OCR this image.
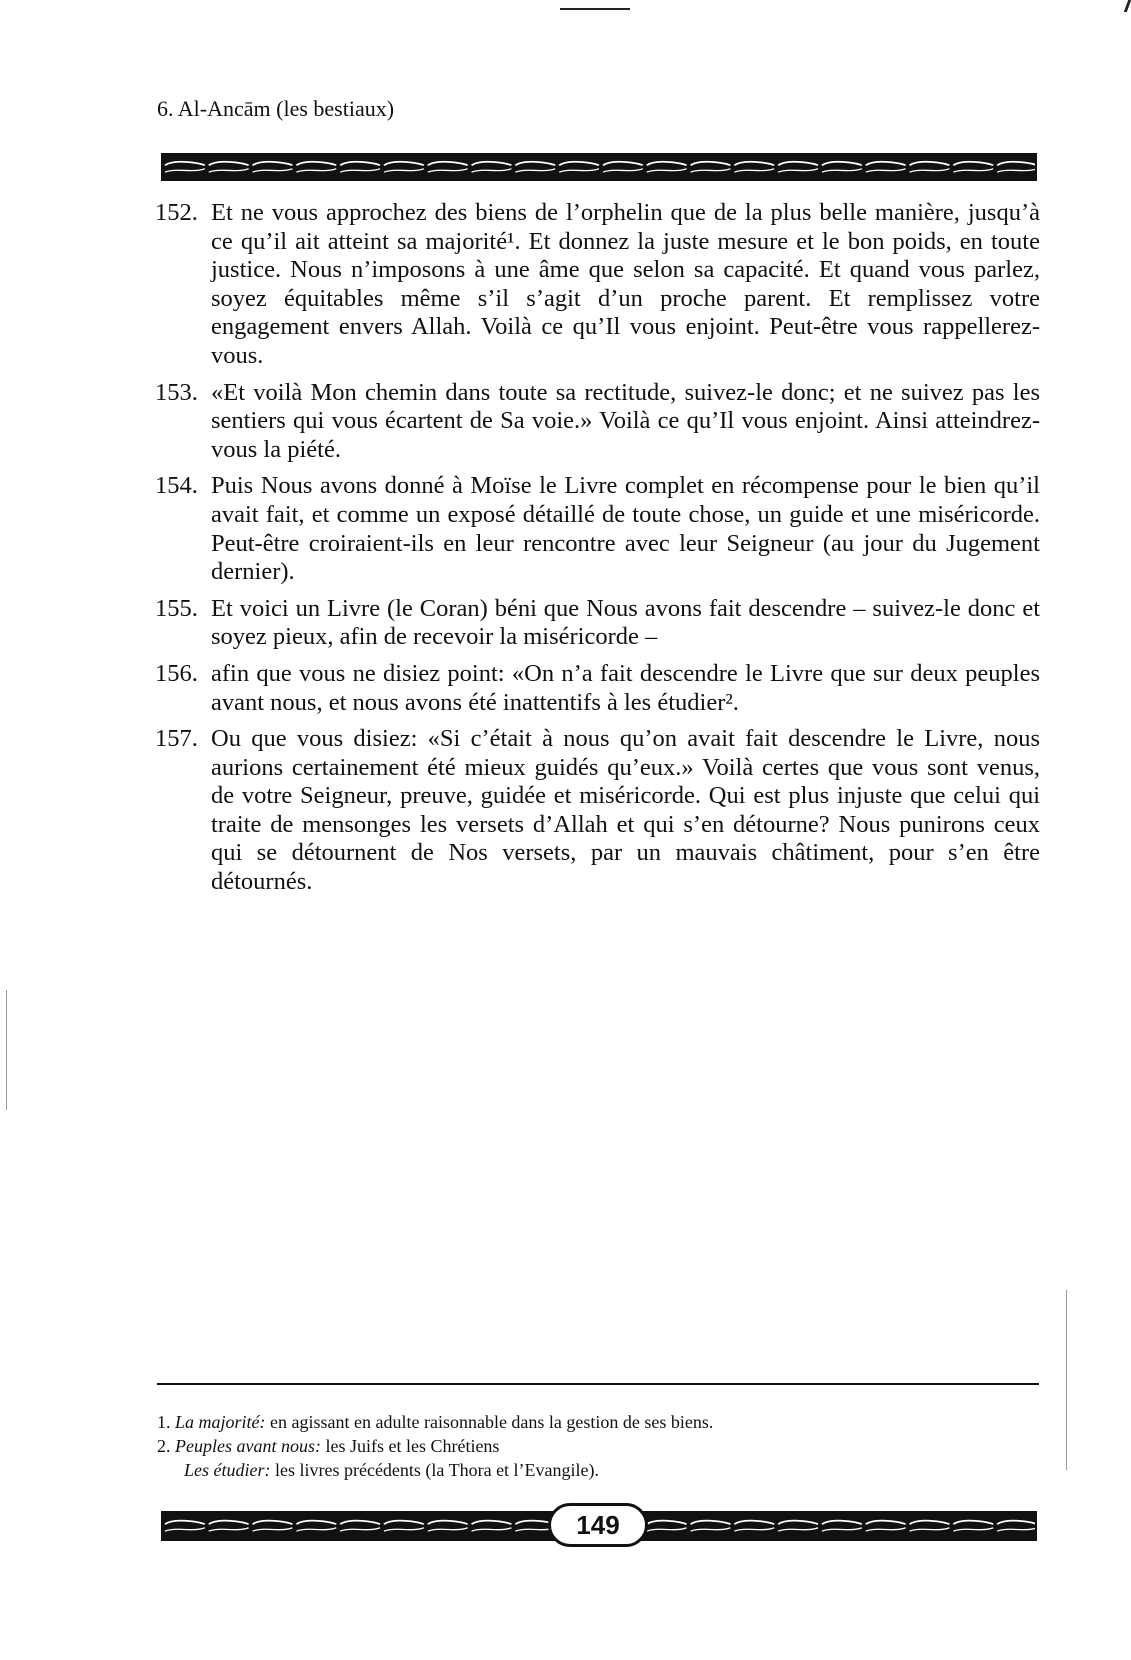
6. Al-Ancām (les bestiaux)
152. Et ne vous approchez des biens de l’orphelin que de la plus belle manière, jusqu’à ce qu’il ait atteint sa majorité¹. Et donnez la juste mesure et le bon poids, en toute justice. Nous n’imposons à une âme que selon sa capacité. Et quand vous parlez, soyez équitables même s’il s’agit d’un proche parent. Et remplissez votre engagement envers Allah. Voilà ce qu’Il vous enjoint. Peut-être vous rappellerez-vous.
153. «Et voilà Mon chemin dans toute sa rectitude, suivez-le donc; et ne suivez pas les sentiers qui vous écartent de Sa voie.» Voilà ce qu’Il vous enjoint. Ainsi atteindrez-vous la piété.
154. Puis Nous avons donné à Moïse le Livre complet en récompense pour le bien qu’il avait fait, et comme un exposé détaillé de toute chose, un guide et une miséricorde. Peut-être croiraient-ils en leur rencontre avec leur Seigneur (au jour du Jugement dernier).
155. Et voici un Livre (le Coran) béni que Nous avons fait descendre – suivez-le donc et soyez pieux, afin de recevoir la miséricorde –
156. afin que vous ne disiez point: «On n’a fait descendre le Livre que sur deux peuples avant nous, et nous avons été inattentifs à les étudier².
157. Ou que vous disiez: «Si c’était à nous qu’on avait fait descendre le Livre, nous aurions certainement été mieux guidés qu’eux.» Voilà certes que vous sont venus, de votre Seigneur, preuve, guidée et miséricorde. Qui est plus injuste que celui qui traite de mensonges les versets d’Allah et qui s’en détourne? Nous punirons ceux qui se détournent de Nos versets, par un mauvais châtiment, pour s’en être détournés.

1. La majorité: en agissant en adulte raisonnable dans la gestion de ses biens.

2. Peuples avant nous: les Juifs et les Chrétiens

Les étudier: les livres précédents (la Thora et l’Evangile).

149
